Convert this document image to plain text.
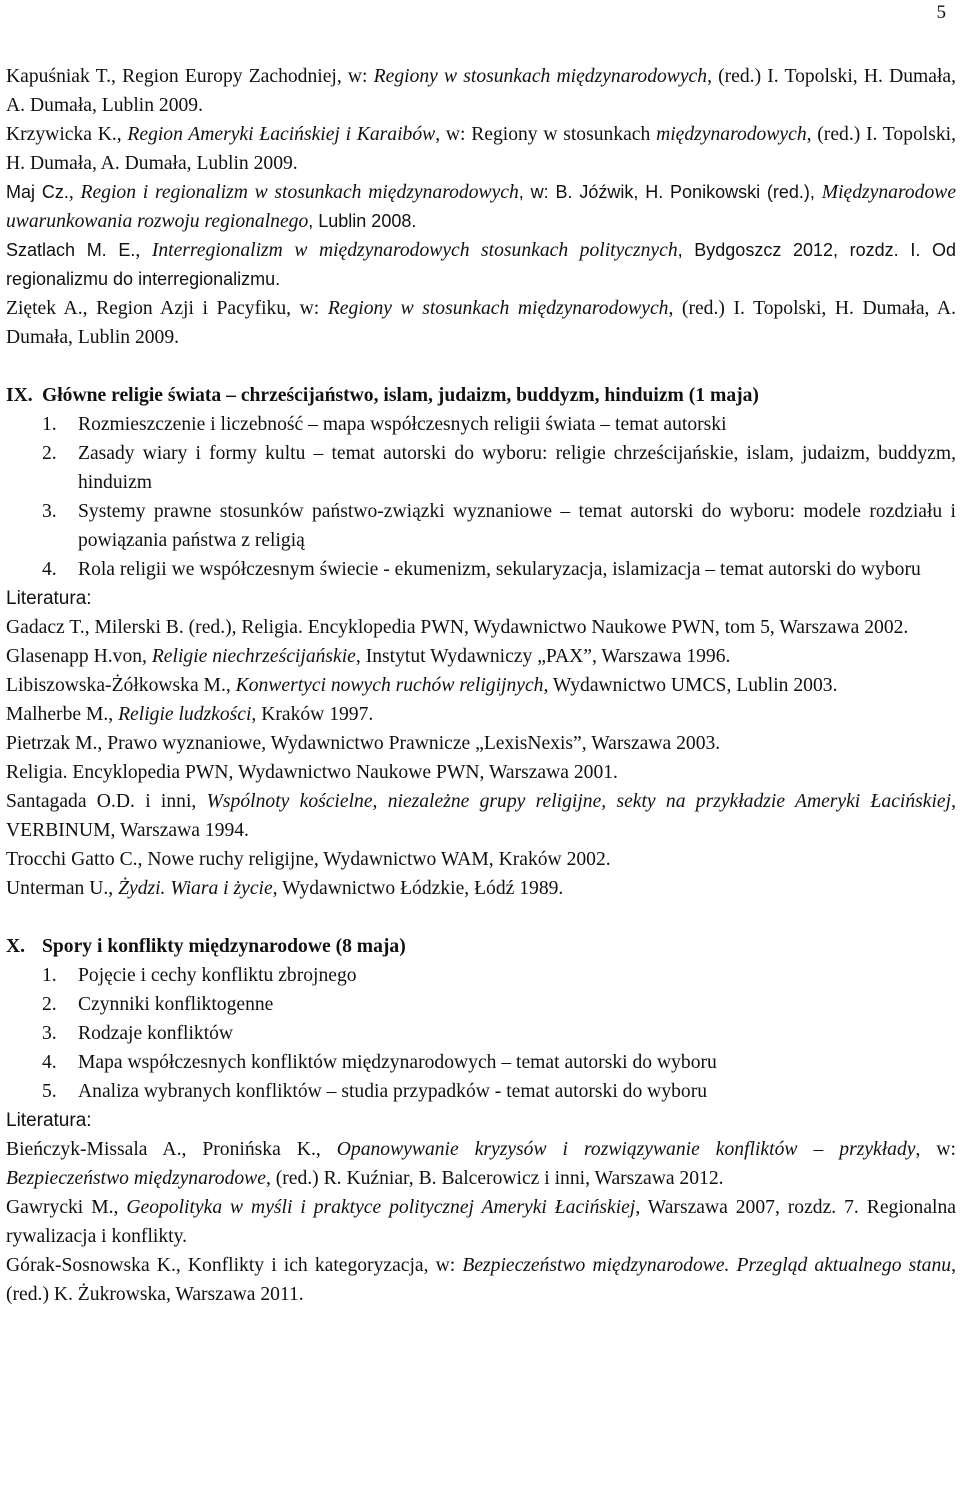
5

Kapuśniak T., Region Europy Zachodniej, w: Regiony w stosunkach międzynarodowych, (red.) I. Topolski, H. Dumała, A. Dumała, Lublin 2009.

Krzywicka K., Region Ameryki Łacińskiej i Karaibów, w: Regiony w stosunkach międzynarodowych, (red.) I. Topolski, H. Dumała, A. Dumała, Lublin 2009.

Maj Cz., Region i regionalizm w stosunkach międzynarodowych, w: B. Jóźwik, H. Ponikowski (red.), Międzynarodowe uwarunkowania rozwoju regionalnego, Lublin 2008.

Szatlach M. E., Interregionalizm w międzynarodowych stosunkach politycznych, Bydgoszcz 2012, rozdz. I. Od regionalizmu do interregionalizmu.

Ziętek A., Region Azji i Pacyfiku, w: Regiony w stosunkach międzynarodowych, (red.) I. Topolski, H. Dumała, A. Dumała, Lublin 2009.

IX. Główne religie świata – chrześcijaństwo, islam, judaizm, buddyzm, hinduizm (1 maja)
1.	Rozmieszczenie i liczebność – mapa współczesnych religii świata – temat autorski
2.	Zasady wiary i formy kultu – temat autorski do wyboru: religie chrześcijańskie, islam, judaizm, buddyzm, hinduizm
3.	Systemy prawne stosunków państwo-związki wyznaniowe – temat autorski do wyboru: modele rozdziału i powiązania państwa z religią
4.	Rola religii we współczesnym świecie - ekumenizm, sekularyzacja, islamizacja – temat autorski do wyboru

Literatura:

Gadacz T., Milerski B. (red.), Religia. Encyklopedia PWN, Wydawnictwo Naukowe PWN, tom 5, Warszawa 2002.

Glasenapp H.von, Religie niechrześcijańskie, Instytut Wydawniczy „PAX”, Warszawa 1996.

Libiszowska-Żółkowska M., Konwertyci nowych ruchów religijnych, Wydawnictwo UMCS, Lublin 2003.

Malherbe M., Religie ludzkości, Kraków 1997.

Pietrzak M., Prawo wyznaniowe, Wydawnictwo Prawnicze „LexisNexis”, Warszawa 2003.

Religia. Encyklopedia PWN, Wydawnictwo Naukowe PWN, Warszawa 2001.

Santagada O.D. i inni, Wspólnoty kościelne, niezależne grupy religijne, sekty na przykładzie Ameryki Łacińskiej, VERBINUM, Warszawa 1994.

Trocchi Gatto C., Nowe ruchy religijne, Wydawnictwo WAM, Kraków 2002.

Unterman U., Żydzi. Wiara i życie, Wydawnictwo Łódzkie, Łódź 1989.

X. Spory i konflikty międzynarodowe (8 maja)
1.	Pojęcie i cechy konfliktu zbrojnego
2.	Czynniki konfliktogenne
3.	Rodzaje konfliktów
4.	Mapa współczesnych konfliktów międzynarodowych – temat autorski do wyboru
5.	Analiza wybranych konfliktów – studia przypadków - temat autorski do wyboru

Literatura:

Bieńczyk-Missala A., Pronińska K., Opanowywanie kryzysów i rozwiązywanie konfliktów – przykłady, w: Bezpieczeństwo międzynarodowe, (red.) R. Kuźniar, B. Balcerowicz i inni, Warszawa 2012.

Gawrycki M., Geopolityka w myśli i praktyce politycznej Ameryki Łacińskiej, Warszawa 2007, rozdz. 7. Regionalna rywalizacja i konflikty.

Górak-Sosnowska K., Konflikty i ich kategoryzacja, w: Bezpieczeństwo międzynarodowe. Przegląd aktualnego stanu, (red.) K. Żukrowska, Warszawa 2011.
